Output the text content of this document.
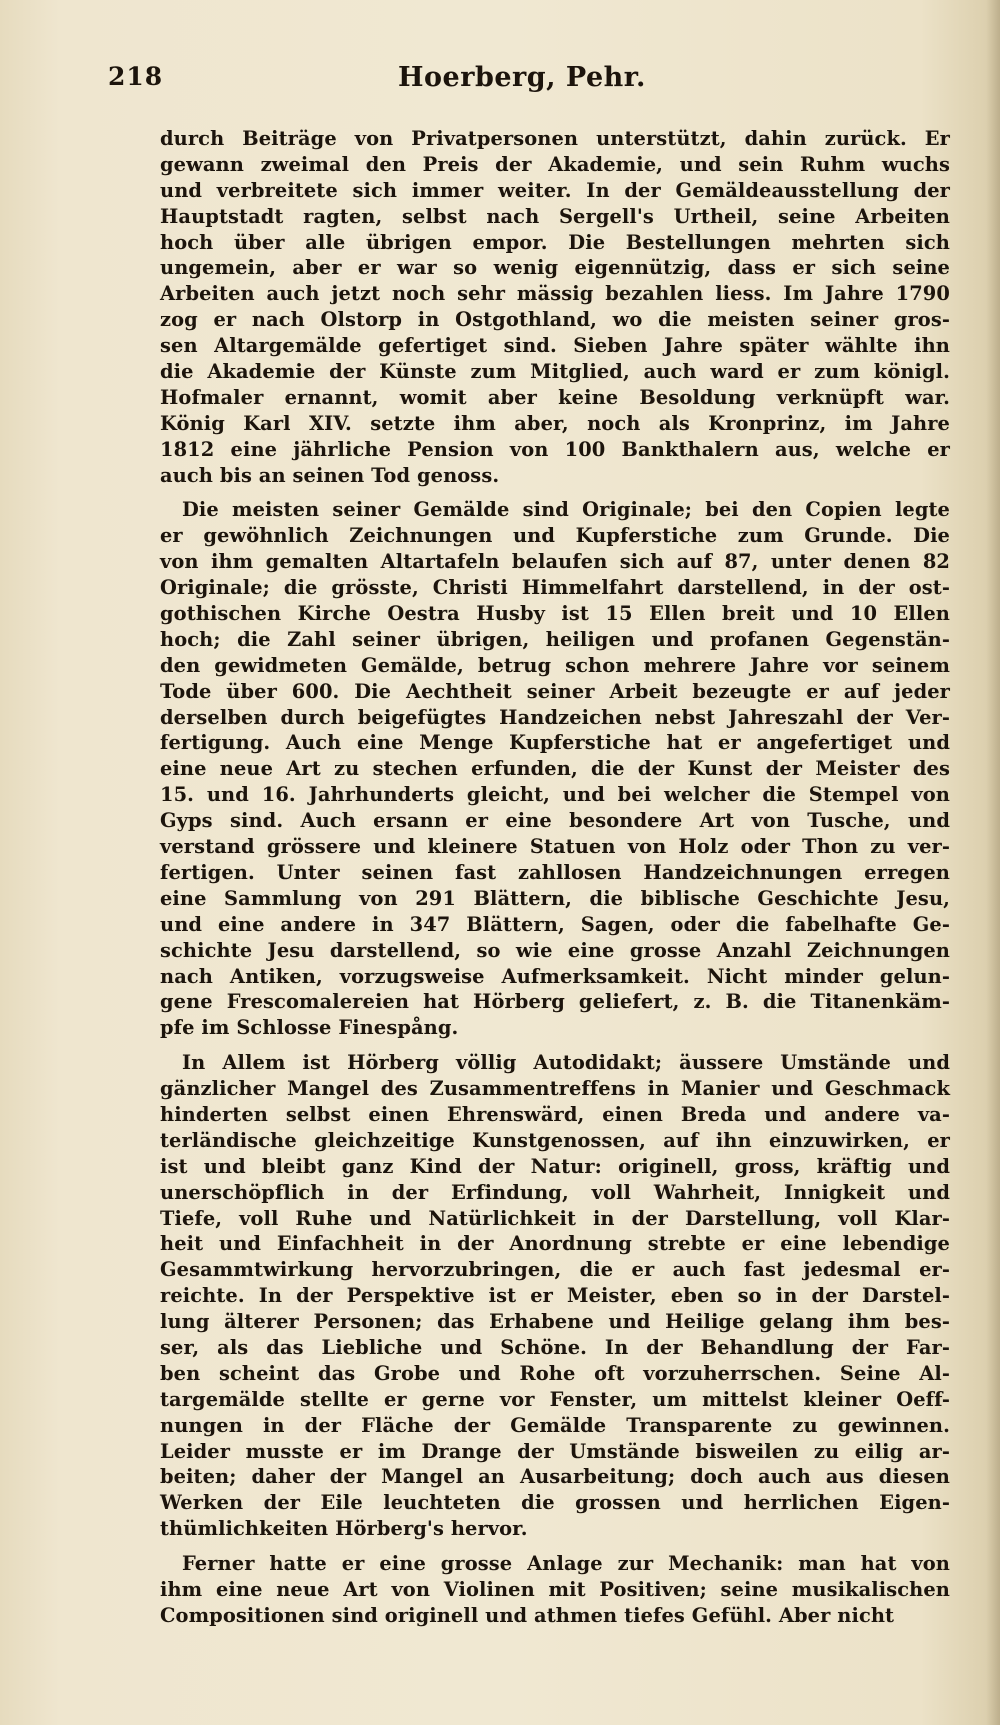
218	Hoerberg, Pehr.
durch Beiträge von Privatpersonen unterstützt, dahin zurück. Er
gewann zweimal den Preis der Akademie, und sein Ruhm wuchs
und verbreitete sich immer weiter. In der Gemäldeausstellung der
Hauptstadt ragten, selbst nach Sergell's Urtheil, seine Arbeiten
hoch über alle übrigen empor. Die Bestellungen mehrten sich
ungemein, aber er war so wenig eigennützig, dass er sich seine
Arbeiten auch jetzt noch sehr mässig bezahlen liess. Im Jahre 1790
zog er nach Olstorp in Ostgothland, wo die meisten seiner gros-
sen Altargemälde gefertiget sind. Sieben Jahre später wählte ihn
die Akademie der Künste zum Mitglied, auch ward er zum königl.
Hofmaler ernannt, womit aber keine Besoldung verknüpft war.
König Karl XIV. setzte ihm aber, noch als Kronprinz, im Jahre
1812 eine jährliche Pension von 100 Bankthalern aus, welche er
auch bis an seinen Tod genoss.
Die meisten seiner Gemälde sind Originale; bei den Copien legte
er gewöhnlich Zeichnungen und Kupferstiche zum Grunde. Die
von ihm gemalten Altartafeln belaufen sich auf 87, unter denen 82
Originale; die grösste, Christi Himmelfahrt darstellend, in der ost-
gothischen Kirche Oestra Husby ist 15 Ellen breit und 10 Ellen
hoch; die Zahl seiner übrigen, heiligen und profanen Gegenstän-
den gewidmeten Gemälde, betrug schon mehrere Jahre vor seinem
Tode über 600. Die Aechtheit seiner Arbeit bezeugte er auf jeder
derselben durch beigefügtes Handzeichen nebst Jahreszahl der Ver-
fertigung. Auch eine Menge Kupferstiche hat er angefertiget und
eine neue Art zu stechen erfunden, die der Kunst der Meister des
15. und 16. Jahrhunderts gleicht, und bei welcher die Stempel von
Gyps sind. Auch ersann er eine besondere Art von Tusche, und
verstand grössere und kleinere Statuen von Holz oder Thon zu ver-
fertigen. Unter seinen fast zahllosen Handzeichnungen erregen
eine Sammlung von 291 Blättern, die biblische Geschichte Jesu,
und eine andere in 347 Blättern, Sagen, oder die fabelhafte Ge-
schichte Jesu darstellend, so wie eine grosse Anzahl Zeichnungen
nach Antiken, vorzugsweise Aufmerksamkeit. Nicht minder gelun-
gene Frescomalereien hat Hörberg geliefert, z. B. die Titanenkäm-
pfe im Schlosse Finespång.
In Allem ist Hörberg völlig Autodidakt; äussere Umstände und
gänzlicher Mangel des Zusammentreffens in Manier und Geschmack
hinderten selbst einen Ehrenswärd, einen Breda und andere va-
terländische gleichzeitige Kunstgenossen, auf ihn einzuwirken, er
ist und bleibt ganz Kind der Natur: originell, gross, kräftig und
unerschöpflich in der Erfindung, voll Wahrheit, Innigkeit und
Tiefe, voll Ruhe und Natürlichkeit in der Darstellung, voll Klar-
heit und Einfachheit in der Anordnung strebte er eine lebendige
Gesammtwirkung hervorzubringen, die er auch fast jedesmal er-
reichte. In der Perspektive ist er Meister, eben so in der Darstel-
lung älterer Personen; das Erhabene und Heilige gelang ihm bes-
ser, als das Liebliche und Schöne. In der Behandlung der Far-
ben scheint das Grobe und Rohe oft vorzuherrschen. Seine Al-
targemälde stellte er gerne vor Fenster, um mittelst kleiner Oeff-
nungen in der Fläche der Gemälde Transparente zu gewinnen.
Leider musste er im Drange der Umstände bisweilen zu eilig ar-
beiten; daher der Mangel an Ausarbeitung; doch auch aus diesen
Werken der Eile leuchteten die grossen und herrlichen Eigen-
thümlichkeiten Hörberg's hervor.
Ferner hatte er eine grosse Anlage zur Mechanik: man hat von
ihm eine neue Art von Violinen mit Positiven; seine musikalischen
Compositionen sind originell und athmen tiefes Gefühl. Aber nicht
